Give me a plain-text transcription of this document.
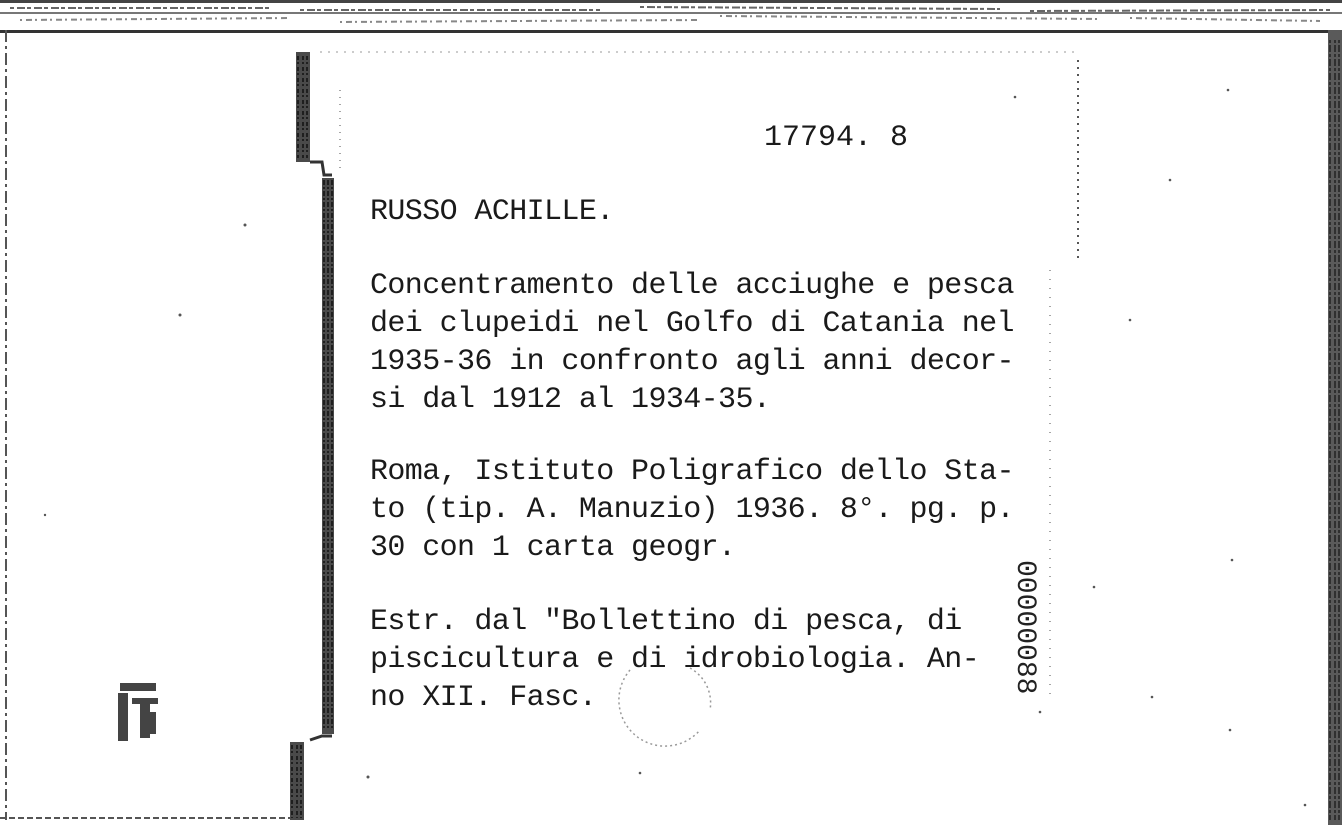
17794. 8
RUSSO ACHILLE.
Concentramento delle acciughe e pesca
dei clupeidi nel Golfo di Catania nel
1935-36 in confronto agli anni decor-
si dal 1912 al 1934-35.
Roma, Istituto Poligrafico dello Sta-
to (tip. A. Manuzio) 1936. 8°. pg. p.
30 con 1 carta geogr.
Estr. dal "Bollettino di pesca, di
piscicultura e di idrobiologia. An-
no XII. Fasc.
00000088
